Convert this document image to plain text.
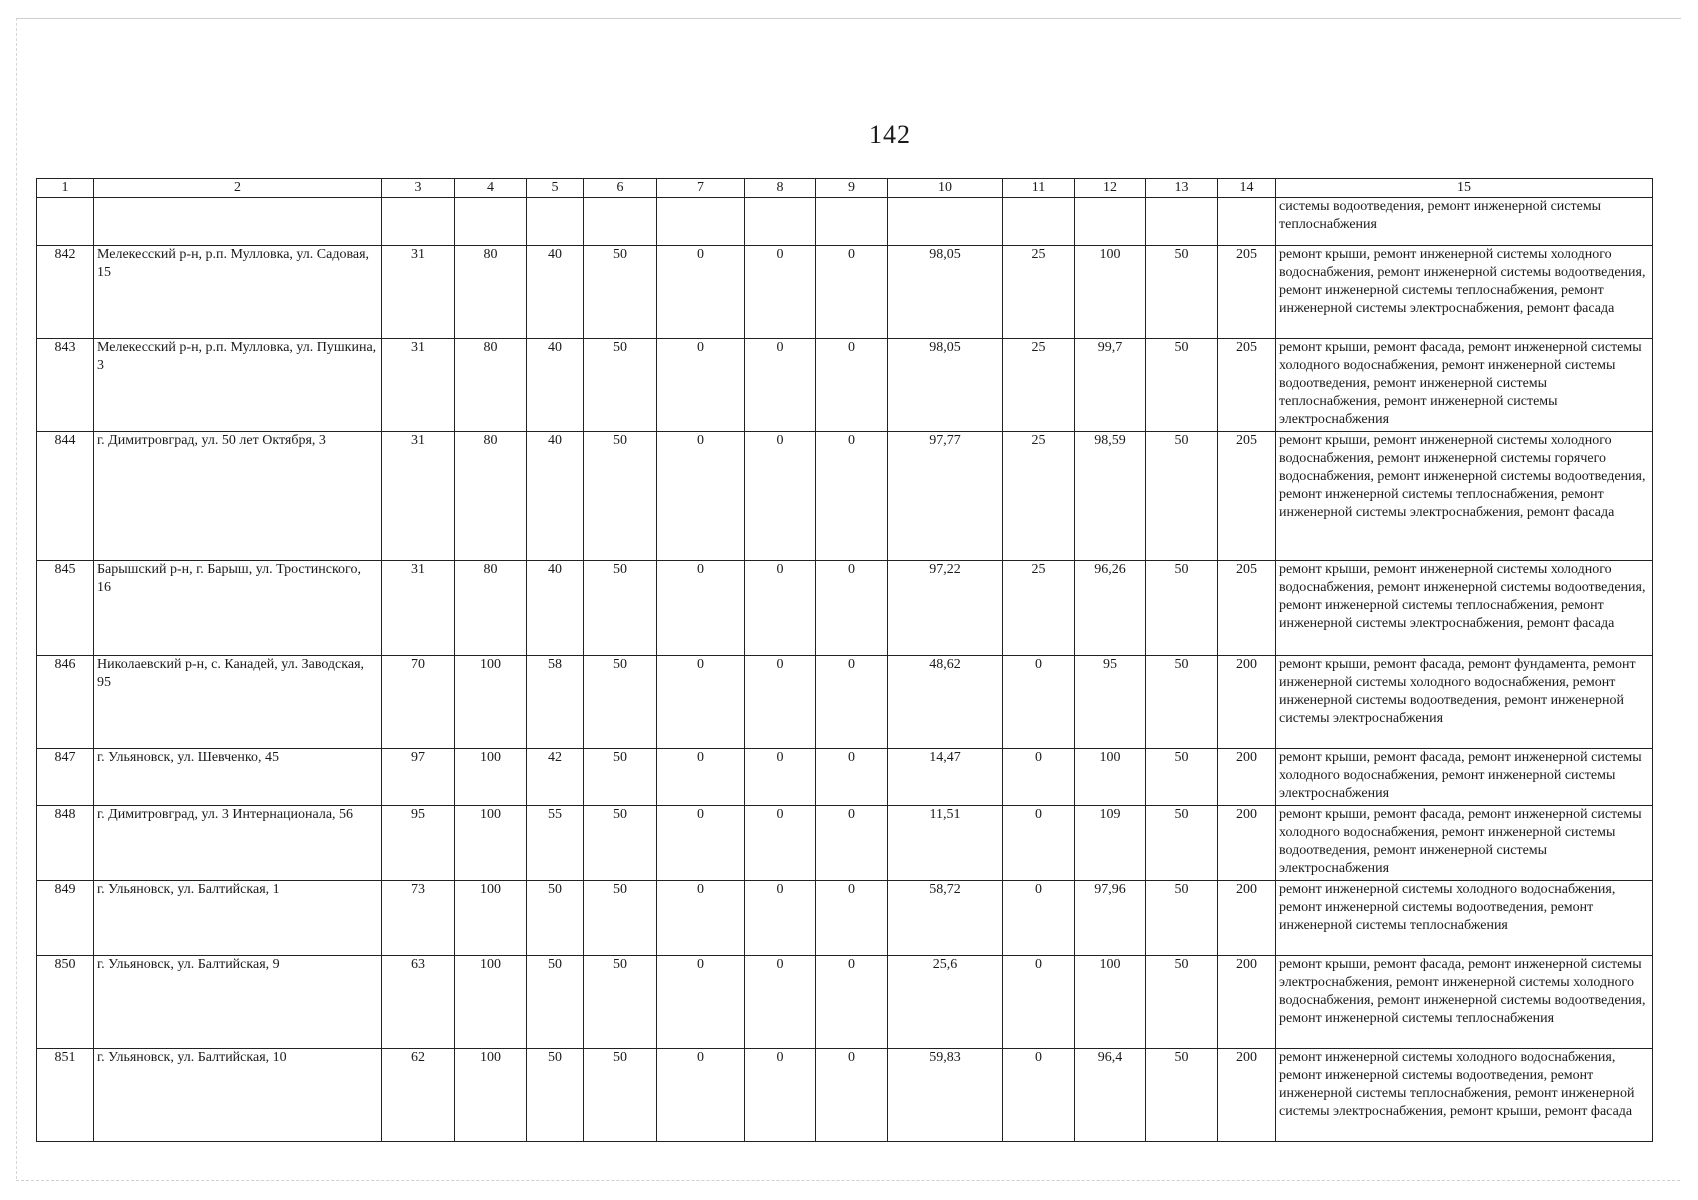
142
1	2	3	4	5	6	7	8	9	10	11	12	13	14	15
														системы водоотведения, ремонт инженерной системы теплоснабжения
842	Мелекесский р-н, р.п. Мулловка, ул. Садовая, 15	31	80	40	50	0	0	0	98,05	25	100	50	205	ремонт крыши, ремонт инженерной системы холодного водоснабжения, ремонт инженерной системы водоотведения, ремонт инженерной системы теплоснабжения, ремонт инженерной системы электроснабжения, ремонт фасада
843	Мелекесский р-н, р.п. Мулловка, ул. Пушкина, 3	31	80	40	50	0	0	0	98,05	25	99,7	50	205	ремонт крыши, ремонт фасада, ремонт инженерной системы холодного водоснабжения, ремонт инженерной системы водоотведения, ремонт инженерной системы теплоснабжения, ремонт инженерной системы электроснабжения
844	г. Димитровград, ул. 50 лет Октября, 3	31	80	40	50	0	0	0	97,77	25	98,59	50	205	ремонт крыши, ремонт инженерной системы холодного водоснабжения, ремонт инженерной системы горячего водоснабжения, ремонт инженерной системы водоотведения, ремонт инженерной системы теплоснабжения, ремонт инженерной системы электроснабжения, ремонт фасада
845	Барышский р-н, г. Барыш, ул. Тростинского, 16	31	80	40	50	0	0	0	97,22	25	96,26	50	205	ремонт крыши, ремонт инженерной системы холодного водоснабжения, ремонт инженерной системы водоотведения, ремонт инженерной системы теплоснабжения, ремонт инженерной системы электроснабжения, ремонт фасада
846	Николаевский р-н, с. Канадей, ул. Заводская, 95	70	100	58	50	0	0	0	48,62	0	95	50	200	ремонт крыши, ремонт фасада, ремонт фундамента, ремонт инженерной системы холодного водоснабжения, ремонт инженерной системы водоотведения, ремонт инженерной системы электроснабжения
847	г. Ульяновск, ул. Шевченко, 45	97	100	42	50	0	0	0	14,47	0	100	50	200	ремонт крыши, ремонт фасада, ремонт инженерной системы холодного водоснабжения, ремонт инженерной системы электроснабжения
848	г. Димитровград, ул. 3 Интернационала, 56	95	100	55	50	0	0	0	11,51	0	109	50	200	ремонт крыши, ремонт фасада, ремонт инженерной системы холодного водоснабжения, ремонт инженерной системы водоотведения, ремонт инженерной системы электроснабжения
849	г. Ульяновск, ул. Балтийская, 1	73	100	50	50	0	0	0	58,72	0	97,96	50	200	ремонт инженерной системы холодного водоснабжения, ремонт инженерной системы водоотведения, ремонт инженерной системы теплоснабжения
850	г. Ульяновск, ул. Балтийская, 9	63	100	50	50	0	0	0	25,6	0	100	50	200	ремонт крыши, ремонт фасада, ремонт инженерной системы электроснабжения, ремонт инженерной системы холодного водоснабжения, ремонт инженерной системы водоотведения, ремонт инженерной системы теплоснабжения
851	г. Ульяновск, ул. Балтийская, 10	62	100	50	50	0	0	0	59,83	0	96,4	50	200	ремонт инженерной системы холодного водоснабжения, ремонт инженерной системы водоотведения, ремонт инженерной системы теплоснабжения, ремонт инженерной системы электроснабжения, ремонт крыши, ремонт фасада
